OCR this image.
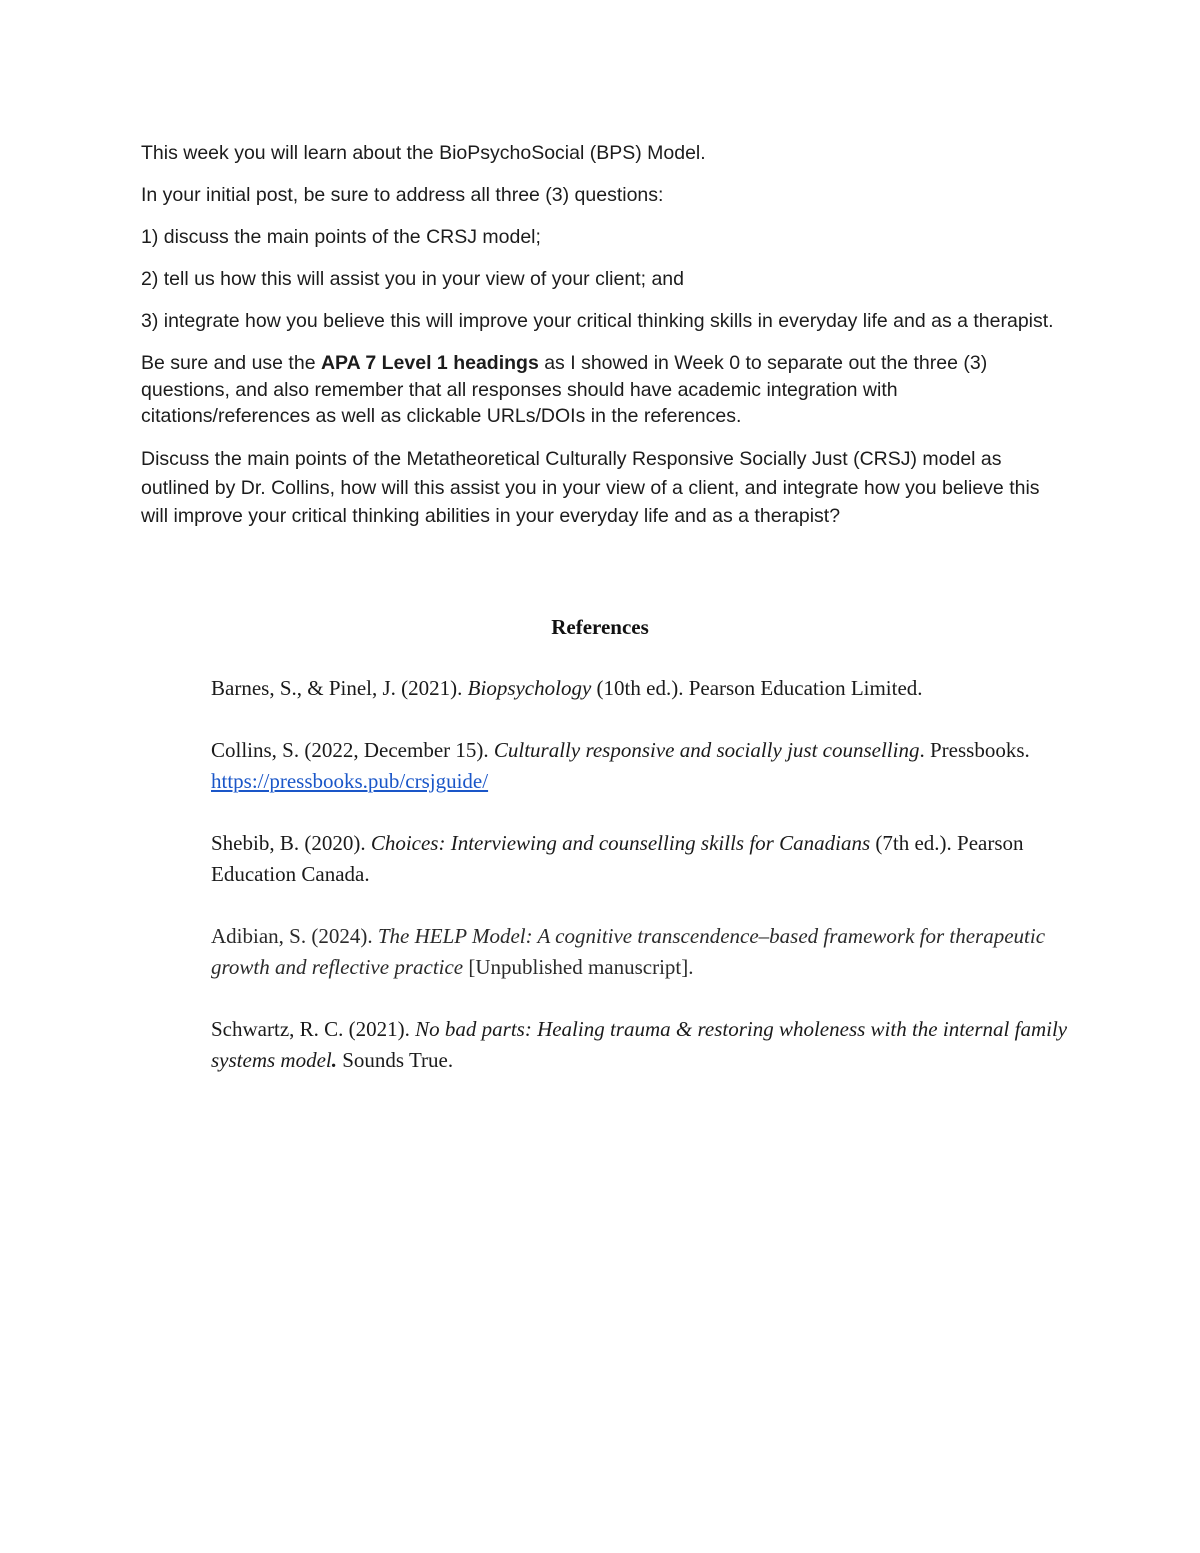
This week you will learn about the BioPsychoSocial (BPS) Model.

In your initial post, be sure to address all three (3) questions:

1) discuss the main points of the CRSJ model;

2) tell us how this will assist you in your view of your client; and

3) integrate how you believe this will improve your critical thinking skills in everyday life and as a therapist.

Be sure and use the APA 7 Level 1 headings as I showed in Week 0 to separate out the three (3) questions, and also remember that all responses should have academic integration with citations/references as well as clickable URLs/DOIs in the references.

Discuss the main points of the Metatheoretical Culturally Responsive Socially Just (CRSJ) model as outlined by Dr. Collins, how will this assist you in your view of a client, and integrate how you believe this will improve your critical thinking abilities in your everyday life and as a therapist?

References
Barnes, S., & Pinel, J. (2021). Biopsychology (10th ed.). Pearson Education Limited.
Collins, S. (2022, December 15). Culturally responsive and socially just counselling. Pressbooks. https://pressbooks.pub/crsjguide/
Shebib, B. (2020). Choices: Interviewing and counselling skills for Canadians (7th ed.). Pearson Education Canada.
Adibian, S. (2024). The HELP Model: A cognitive transcendence–based framework for therapeutic growth and reflective practice [Unpublished manuscript].
Schwartz, R. C. (2021). No bad parts: Healing trauma & restoring wholeness with the internal family systems model. Sounds True.
